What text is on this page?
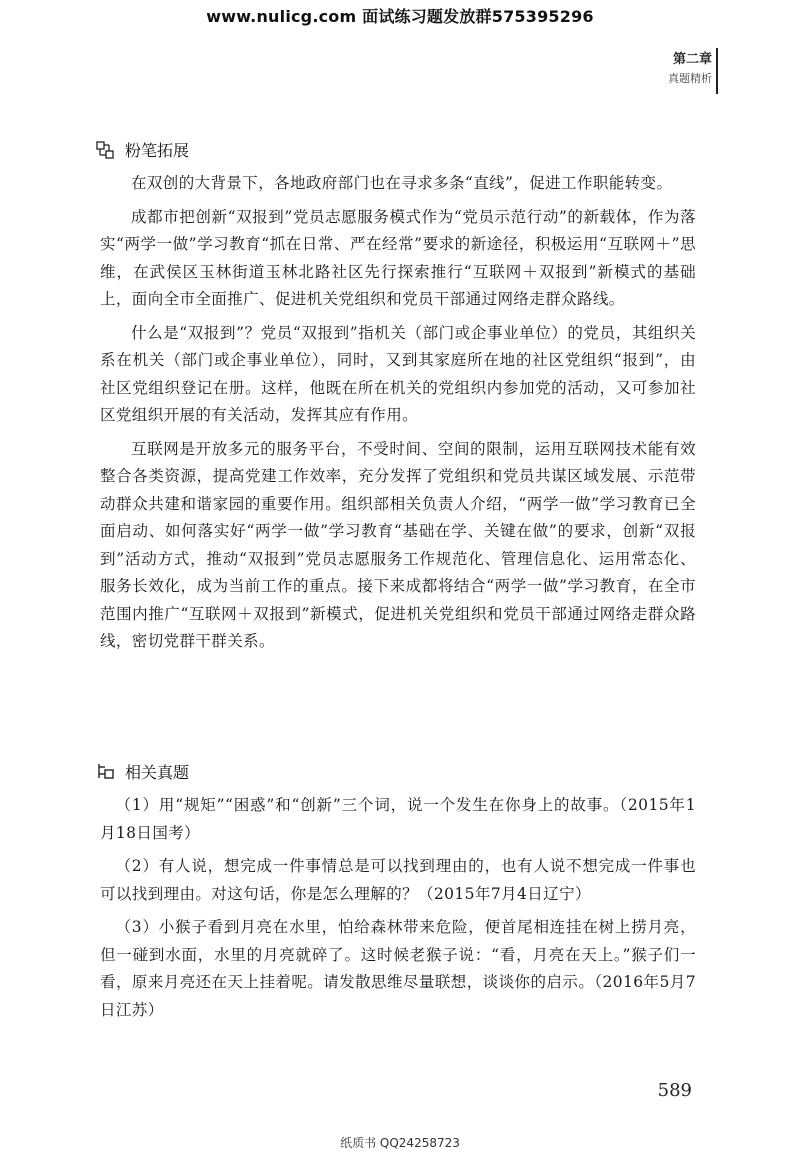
www.nulicg.com 面试练习题发放群575395296
第二章
真题精析
粉笔拓展

在双创的大背景下，各地政府部门也在寻求多条“直线”，促进工作职能转变。

成都市把创新“双报到”党员志愿服务模式作为“党员示范行动”的新载体，作为落实“两学一做”学习教育“抓在日常、严在经常”要求的新途径，积极运用“互联网＋”思维，在武侯区玉林街道玉林北路社区先行探索推行“互联网＋双报到”新模式的基础上，面向全市全面推广、促进机关党组织和党员干部通过网络走群众路线。

什么是“双报到”？党员“双报到”指机关（部门或企事业单位）的党员，其组织关系在机关（部门或企事业单位），同时，又到其家庭所在地的社区党组织“报到”，由社区党组织登记在册。这样，他既在所在机关的党组织内参加党的活动，又可参加社区党组织开展的有关活动，发挥其应有作用。

互联网是开放多元的服务平台，不受时间、空间的限制，运用互联网技术能有效整合各类资源，提高党建工作效率，充分发挥了党组织和党员共谋区域发展、示范带动群众共建和谐家园的重要作用。组织部相关负责人介绍，“两学一做”学习教育已全面启动、如何落实好“两学一做”学习教育“基础在学、关键在做”的要求，创新“双报到”活动方式，推动“双报到”党员志愿服务工作规范化、管理信息化、运用常态化、服务长效化，成为当前工作的重点。接下来成都将结合“两学一做”学习教育，在全市范围内推广“互联网＋双报到”新模式，促进机关党组织和党员干部通过网络走群众路线，密切党群干群关系。

相关真题

（1）用“规矩”“困惑”和“创新”三个词，说一个发生在你身上的故事。（2015年1月18日国考）

（2）有人说，想完成一件事情总是可以找到理由的，也有人说不想完成一件事也可以找到理由。对这句话，你是怎么理解的？（2015年7月4日辽宁）

（3）小猴子看到月亮在水里，怕给森林带来危险，便首尾相连挂在树上捞月亮，但一碰到水面，水里的月亮就碎了。这时候老猴子说：“看，月亮在天上。”猴子们一看，原来月亮还在天上挂着呢。请发散思维尽量联想，谈谈你的启示。（2016年5月7日江苏）

589
纸质书 QQ24258723
